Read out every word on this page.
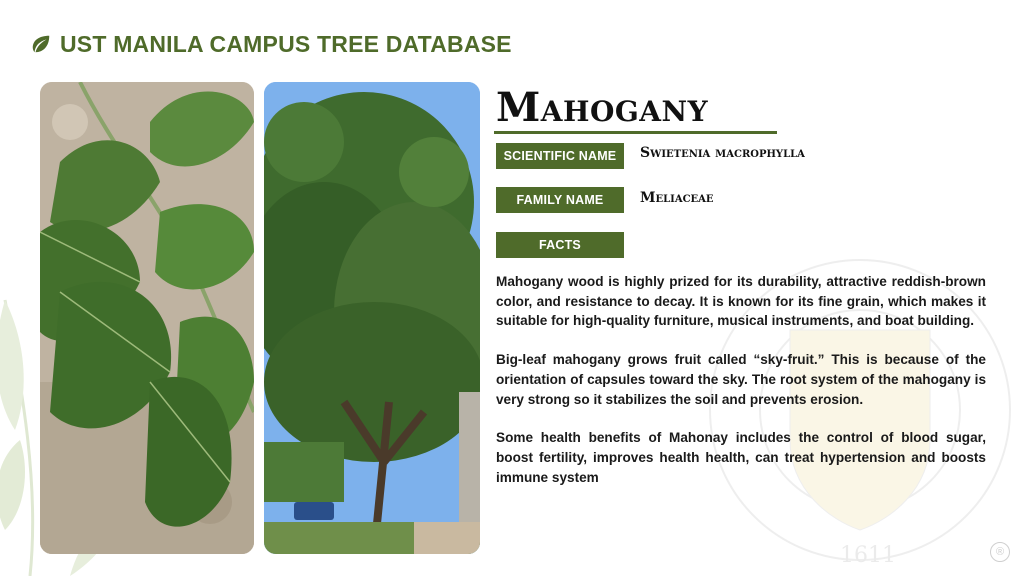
UST MANILA CAMPUS TREE DATABASE
1611
Mahogany
SCIENTIFIC NAME	Swietenia macrophylla
FAMILY NAME	Meliaceae
FACTS

Mahogany wood is highly prized for its durability, attractive reddish-brown color, and resistance to decay. It is known for its fine grain, which makes it suitable for high-quality furniture, musical instruments, and boat building.

Big-leaf mahogany grows fruit called “sky-fruit.” This is because of the orientation of capsules toward the sky. The root system of the mahogany is very strong so it stabilizes the soil and prevents erosion.

Some health benefits of Mahonay includes the control of blood sugar, boost fertility, improves health health, can treat hypertension and boosts immune system

®
